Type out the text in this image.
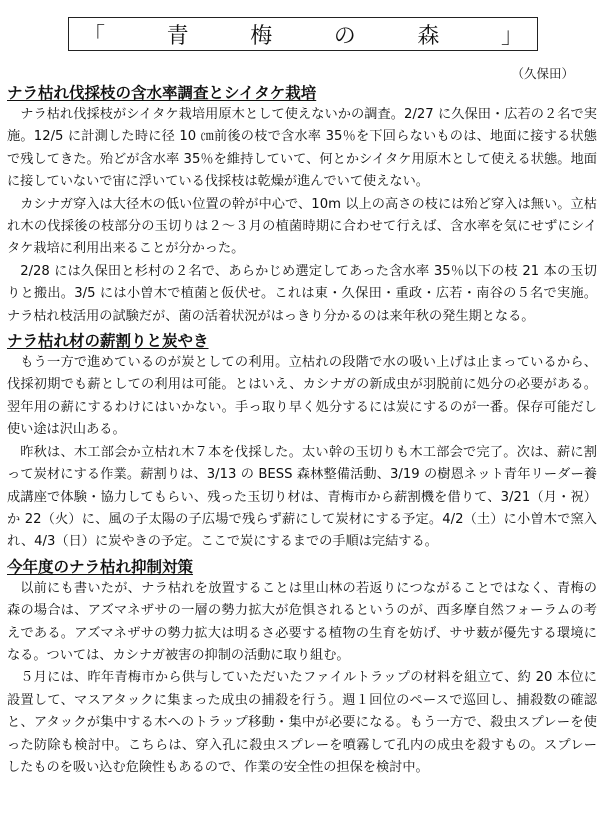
「	青	梅	の	森	」
（久保田）
ナラ枯れ伐採枝の含水率調査とシイタケ栽培

ナラ枯れ伐採枝がシイタケ栽培用原木として使えないかの調査。2/27 に久保田・広若の２名で実施。12/5 に計測した時に径 10 ㎝前後の枝で含水率 35％を下回らないものは、地面に接する状態で残してきた。殆どが含水率 35％を維持していて、何とかシイタケ用原木として使える状態。地面に接していないで宙に浮いている伐採枝は乾燥が進んでいて使えない。

カシナガ穿入は大径木の低い位置の幹が中心で、10m 以上の高さの枝には殆ど穿入は無い。立枯れ木の伐採後の枝部分の玉切りは２～３月の植菌時期に合わせて行えば、含水率を気にせずにシイタケ栽培に利用出来ることが分かった。

2/28 には久保田と杉村の２名で、あらかじめ選定してあった含水率 35％以下の枝 21 本の玉切りと搬出。3/5 には小曽木で植菌と仮伏せ。これは東・久保田・重政・広若・南谷の５名で実施。ナラ枯れ枝活用の試験だが、菌の活着状況がはっきり分かるのは来年秋の発生期となる。

ナラ枯れ材の薪割りと炭やき

もう一方で進めているのが炭としての利用。立枯れの段階で水の吸い上げは止まっているから、伐採初期でも薪としての利用は可能。とはいえ、カシナガの新成虫が羽脱前に処分の必要がある。翌年用の薪にするわけにはいかない。手っ取り早く処分するには炭にするのが一番。保存可能だし使い途は沢山ある。

昨秋は、木工部会か立枯れ木７本を伐採した。太い幹の玉切りも木工部会で完了。次は、薪に割って炭材にする作業。薪割りは、3/13 の BESS 森林整備活動、3/19 の樹恩ネット青年リーダー養成講座で体験・協力してもらい、残った玉切り材は、青梅市から薪割機を借りて、3/21（月・祝）か 22（火）に、風の子太陽の子広場で残らず薪にして炭材にする予定。4/2（土）に小曽木で窯入れ、4/3（日）に炭やきの予定。ここで炭にするまでの手順は完結する。

今年度のナラ枯れ抑制対策

以前にも書いたが、ナラ枯れを放置することは里山林の若返りにつながることではなく、青梅の森の場合は、アズマネザサの一層の勢力拡大が危惧されるというのが、西多摩自然フォーラムの考えである。アズマネザサの勢力拡大は明るさ必要する植物の生育を妨げ、ササ薮が優先する環境になる。ついては、カシナガ被害の抑制の活動に取り組む。

５月には、昨年青梅市から供与していただいたファイルトラップの材料を組立て、約 20 本位に設置して、マスアタックに集まった成虫の捕殺を行う。週１回位のペースで巡回し、捕殺数の確認と、アタックが集中する木へのトラップ移動・集中が必要になる。もう一方で、殺虫スプレーを使った防除も検討中。こちらは、穿入孔に殺虫スプレーを噴霧して孔内の成虫を殺すもの。スプレーしたものを吸い込む危険性もあるので、作業の安全性の担保を検討中。
